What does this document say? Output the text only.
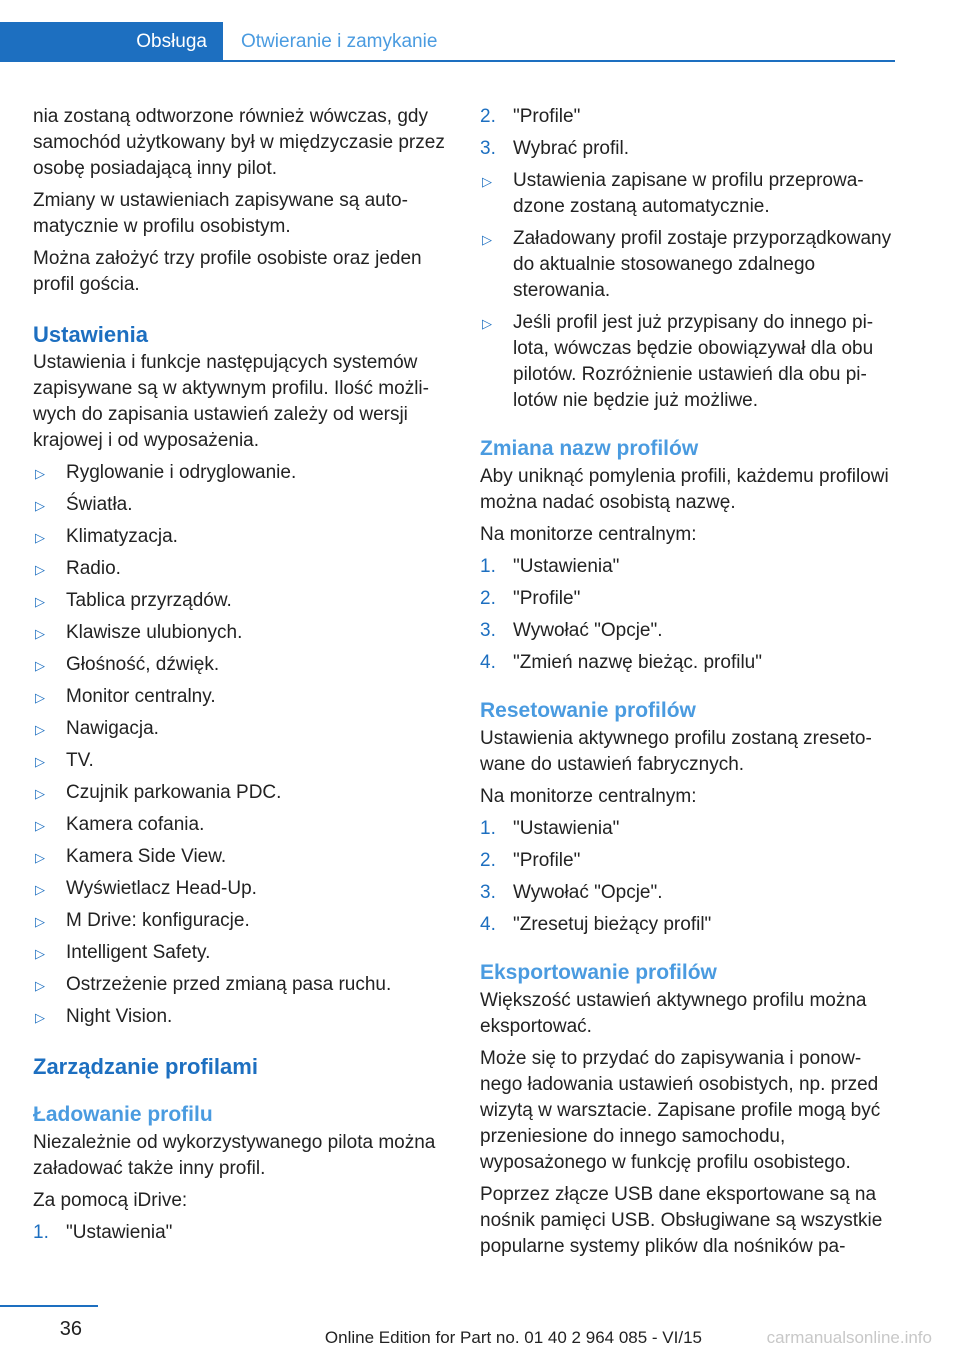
Obsługa	Otwieranie i zamykanie

nia zostaną odtworzone również wówczas, gdy samochód użytkowany był w międzyczasie przez osobę posiadającą inny pilot.

Zmiany w ustawieniach zapisywane są automatycznie w profilu osobistym.

Można założyć trzy profile osobiste oraz jeden profil gościa.

Ustawienia

Ustawienia i funkcje następujących systemów zapisywane są w aktywnym profilu. Ilość możliwych do zapisania ustawień zależy od wersji krajowej i od wyposażenia.

▷ Ryglowanie i odryglowanie.
▷ Światła.
▷ Klimatyzacja.
▷ Radio.
▷ Tablica przyrządów.
▷ Klawisze ulubionych.
▷ Głośność, dźwięk.
▷ Monitor centralny.
▷ Nawigacja.
▷ TV.
▷ Czujnik parkowania PDC.
▷ Kamera cofania.
▷ Kamera Side View.
▷ Wyświetlacz Head-Up.
▷ M Drive: konfiguracje.
▷ Intelligent Safety.
▷ Ostrzeżenie przed zmianą pasa ruchu.
▷ Night Vision.
Zarządzanie profilami
Ładowanie profilu

Niezależnie od wykorzystywanego pilota można załadować także inny profil.

Za pomocą iDrive:

1. "Ustawienia"
2. "Profile"
3. Wybrać profil.
▷ Ustawienia zapisane w profilu przeprowadzone zostaną automatycznie.
▷ Załadowany profil zostaje przyporządkowany do aktualnie stosowanego zdalnego sterowania.
▷ Jeśli profil jest już przypisany do innego pilota, wówczas będzie obowiązywał dla obu pilotów. Rozróżnienie ustawień dla obu pilotów nie będzie już możliwe.
Zmiana nazw profilów

Aby uniknąć pomylenia profili, każdemu profilowi można nadać osobistą nazwę.

Na monitorze centralnym:

1. "Ustawienia"
2. "Profile"
3. Wywołać "Opcje".
4. "Zmień nazwę bieżąc. profilu"
Resetowanie profilów

Ustawienia aktywnego profilu zostaną zresetowane do ustawień fabrycznych.

Na monitorze centralnym:

1. "Ustawienia"
2. "Profile"
3. Wywołać "Opcje".
4. "Zresetuj bieżący profil"
Eksportowanie profilów

Większość ustawień aktywnego profilu można eksportować.

Może się to przydać do zapisywania i ponownego ładowania ustawień osobistych, np. przed wizytą w warsztacie. Zapisane profile mogą być przeniesione do innego samochodu, wyposażonego w funkcję profilu osobistego.

Poprzez złącze USB dane eksportowane są na nośnik pamięci USB. Obsługiwane są wszystkie popularne systemy plików dla nośników pa-

36	Online Edition for Part no. 01 40 2 964 085 - VI/15	carmanualsonline.info
